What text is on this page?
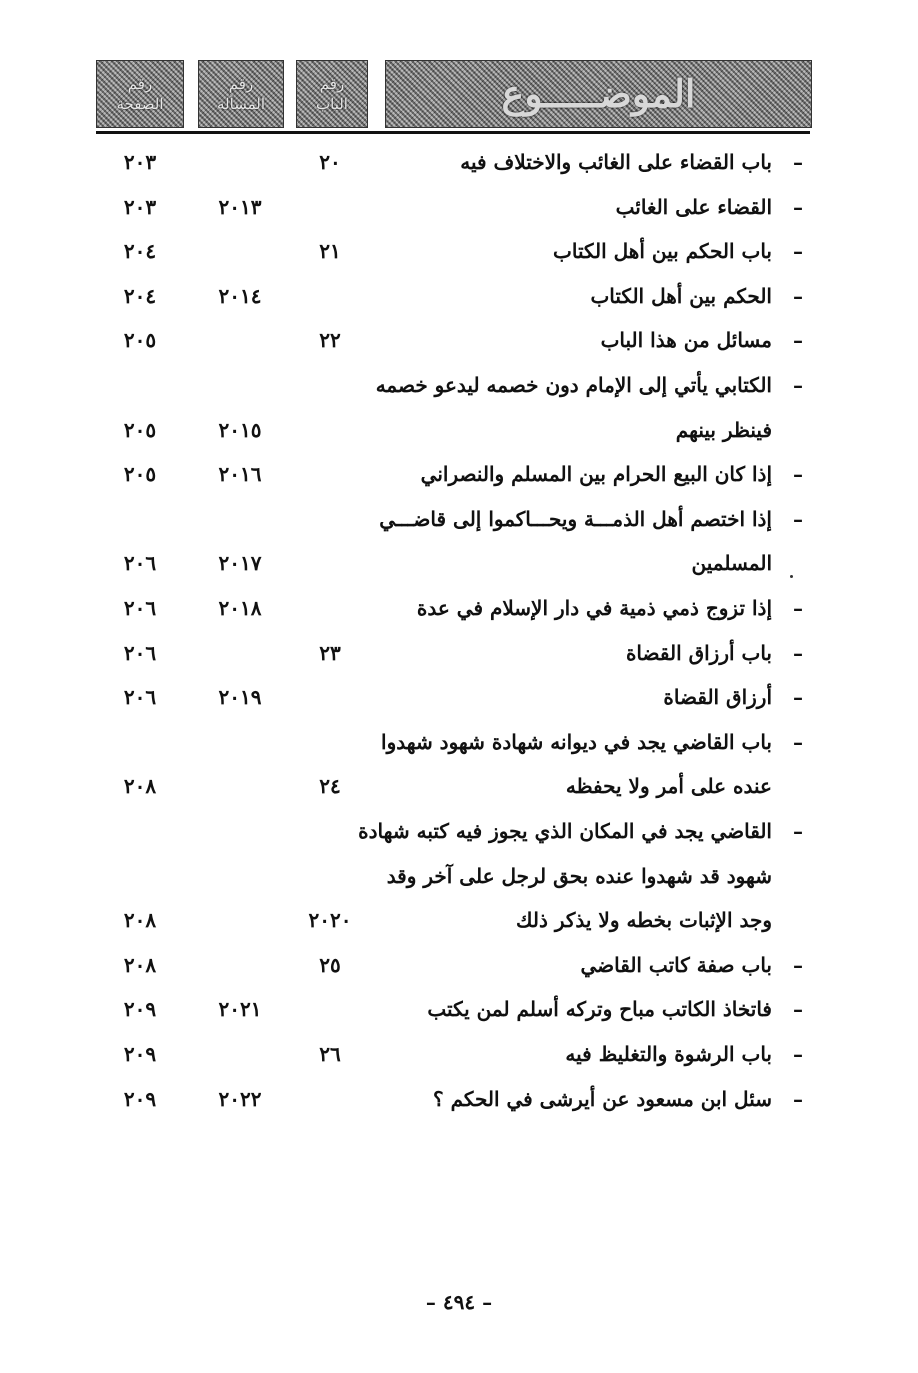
الموضـــــوع
رقم
الباب
رقم
المسألة
رقم
الصفحة
–
باب القضاء على الغائب والاختلاف فيه
٢٠
٢٠٣
–
القضاء على الغائب
٢٠١٣
٢٠٣
–
باب الحكم بين أهل الكتاب
٢١
٢٠٤
–
الحكم بين أهل الكتاب
٢٠١٤
٢٠٤
–
مسائل من هذا الباب
٢٢
٢٠٥
–
الكتابي يأتي إلى الإمام دون خصمه ليدعو خصمه
فينظر بينهم
٢٠١٥
٢٠٥
–
إذا كان البيع الحرام بين المسلم والنصراني
٢٠١٦
٢٠٥
–
إذا اختصم أهل الذمـــة ويحـــاكموا إلى قاضـــي
المسلمين
٢٠١٧
٢٠٦
–
إذا تزوج ذمي ذمية في دار الإسلام في عدة
٢٠١٨
٢٠٦
–
باب أرزاق القضاة
٢٣
٢٠٦
–
أرزاق القضاة
٢٠١٩
٢٠٦
–
باب القاضي يجد في ديوانه شهادة شهود شهدوا
عنده على أمر ولا يحفظه
٢٤
٢٠٨
–
القاضي يجد في المكان الذي يجوز فيه كتبه شهادة
شهود قد شهدوا عنده بحق لرجل على آخر وقد
وجد الإثبات بخطه ولا يذكر ذلك
٢٠٢٠
٢٠٨
–
باب صفة كاتب القاضي
٢٥
٢٠٨
–
فاتخاذ الكاتب مباح وتركه أسلم لمن يكتب
٢٠٢١
٢٠٩
–
باب الرشوة والتغليظ فيه
٢٦
٢٠٩
–
سئل ابن مسعود عن أيرشى في الحكم ؟
٢٠٢٢
٢٠٩
– ٤٩٤ –
